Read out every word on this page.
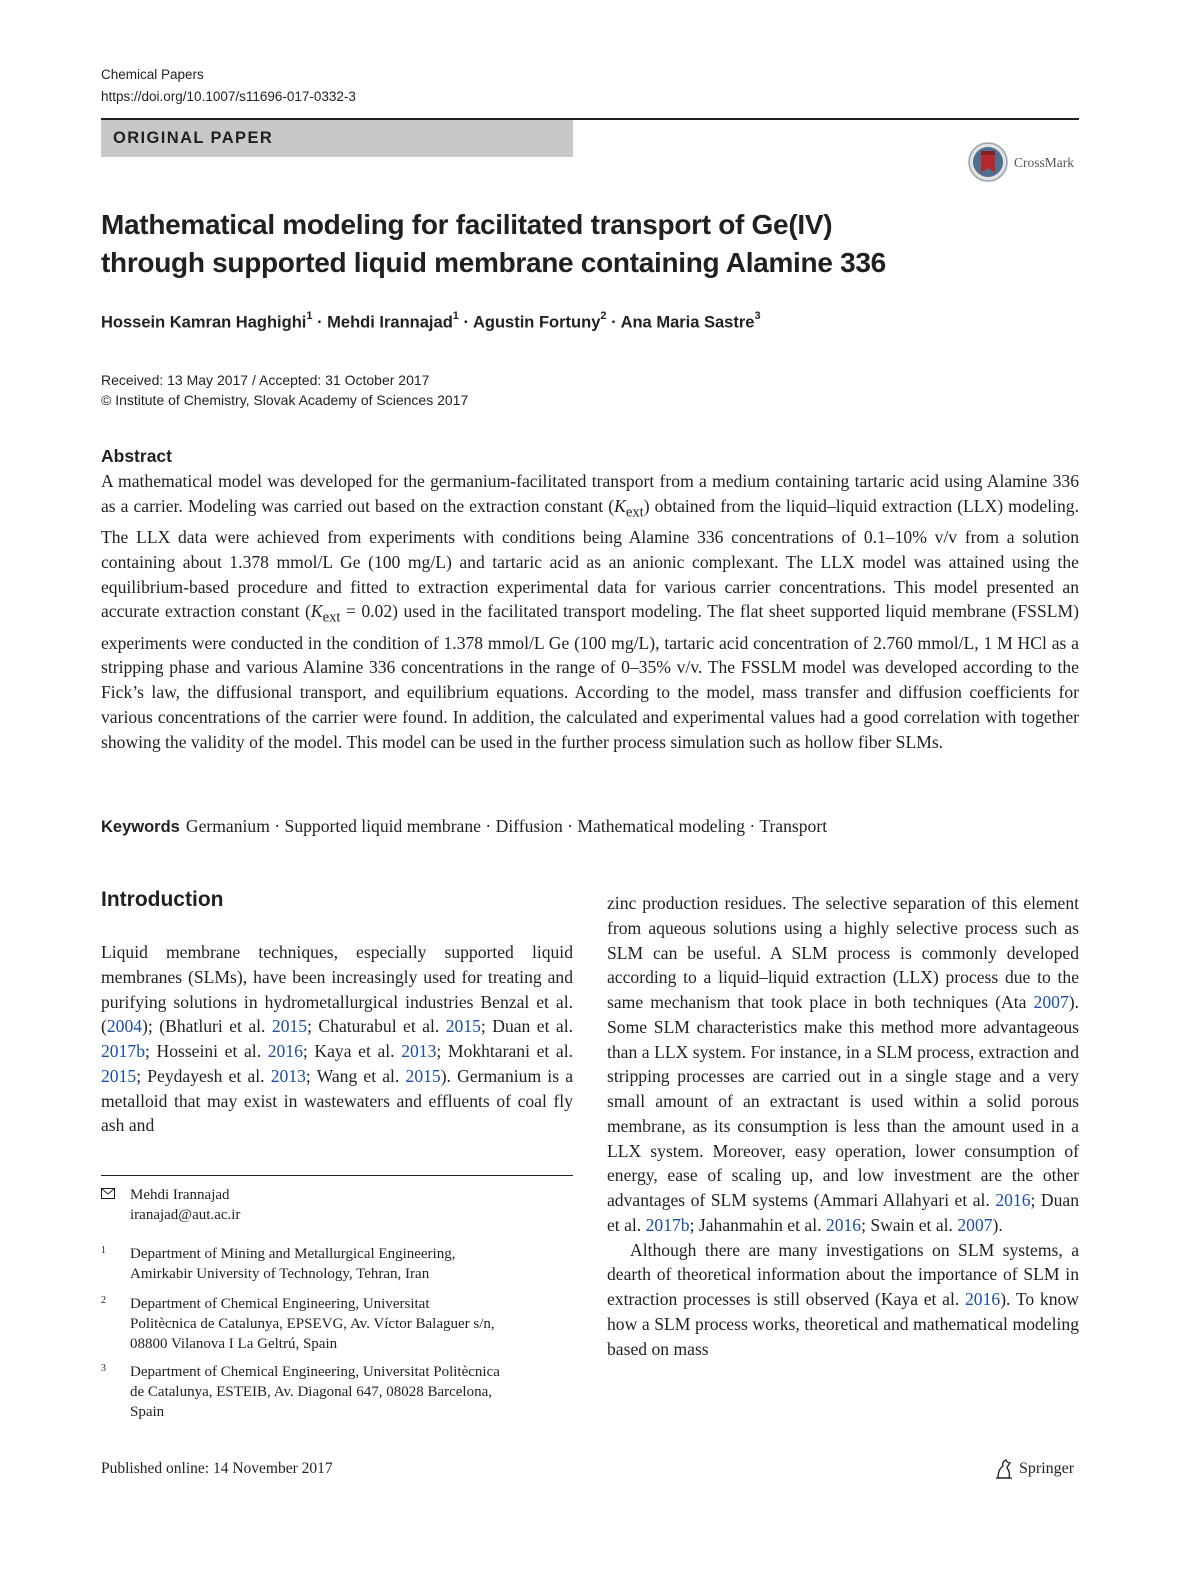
Chemical Papers
https://doi.org/10.1007/s11696-017-0332-3
ORIGINAL PAPER
CrossMark
Mathematical modeling for facilitated transport of Ge(IV)
through supported liquid membrane containing Alamine 336
Hossein Kamran Haghighi$^1$ · Mehdi Irannajad$^1$ · Agustin Fortuny$^2$ · Ana Maria Sastre$^3$
Received: 13 May 2017 / Accepted: 31 October 2017
© Institute of Chemistry, Slovak Academy of Sciences 2017
Abstract

A mathematical model was developed for the germanium-facilitated transport from a medium containing tartaric acid using Alamine 336 as a carrier. Modeling was carried out based on the extraction constant $(K_{ext})$ obtained from the liquid–liquid extraction (LLX) modeling. The LLX data were achieved from experiments with conditions being Alamine 336 concentrations of 0.1–10% v/v from a solution containing about 1.378 mmol/L Ge (100 mg/L) and tartaric acid as an anionic complexant. The LLX model was attained using the equilibrium-based procedure and fitted to extraction experimental data for various carrier concentrations. This model presented an accurate extraction constant $(K_{ext} = 0.02)$ used in the facilitated transport modeling. The flat sheet supported liquid membrane (FSSLM) experiments were conducted in the condition of 1.378 mmol/L Ge (100 mg/L), tartaric acid concentration of 2.760 mmol/L, 1 M HCl as a stripping phase and various Alamine 336 concentrations in the range of 0–35% v/v. The FSSLM model was developed according to the Fick’s law, the diffusional transport, and equilibrium equations. According to the model, mass transfer and diffusion coefficients for various concentrations of the carrier were found. In addition, the calculated and experimental values had a good correlation with together showing the validity of the model. This model can be used in the further process simulation such as hollow fiber SLMs.

Keywords Germanium · Supported liquid membrane · Diffusion · Mathematical modeling · Transport
Introduction

Liquid membrane techniques, especially supported liquid membranes (SLMs), have been increasingly used for treating and purifying solutions in hydrometallurgical industries Benzal et al. (2004); (Bhatluri et al. 2015; Chaturabul et al. 2015; Duan et al. 2017b; Hosseini et al. 2016; Kaya et al. 2013; Mokhtarani et al. 2015; Peydayesh et al. 2013; Wang et al. 2015). Germanium is a metalloid that may exist in wastewaters and effluents of coal fly ash and

zinc production residues. The selective separation of this element from aqueous solutions using a highly selective process such as SLM can be useful. A SLM process is commonly developed according to a liquid–liquid extraction (LLX) process due to the same mechanism that took place in both techniques (Ata 2007). Some SLM characteristics make this method more advantageous than a LLX system. For instance, in a SLM process, extraction and stripping processes are carried out in a single stage and a very small amount of an extractant is used within a solid porous membrane, as its consumption is less than the amount used in a LLX system. Moreover, easy operation, lower consumption of energy, ease of scaling up, and low investment are the other advantages of SLM systems (Ammari Allahyari et al. 2016; Duan et al. 2017b; Jahanmahin et al. 2016; Swain et al. 2007).

Although there are many investigations on SLM systems, a dearth of theoretical information about the importance of SLM in extraction processes is still observed (Kaya et al. 2016). To know how a SLM process works, theoretical and mathematical modeling based on mass

Mehdi Irannajad
iranajad@aut.ac.ir
1 Department of Mining and Metallurgical Engineering,
Amirkabir University of Technology, Tehran, Iran
2 Department of Chemical Engineering, Universitat
Politècnica de Catalunya, EPSEVG, Av. Víctor Balaguer s/n,
08800 Vilanova I La Geltrú, Spain
3 Department of Chemical Engineering, Universitat Politècnica
de Catalunya, ESTEIB, Av. Diagonal 647, 08028 Barcelona,
Spain
Published online: 14 November 2017	Springer
